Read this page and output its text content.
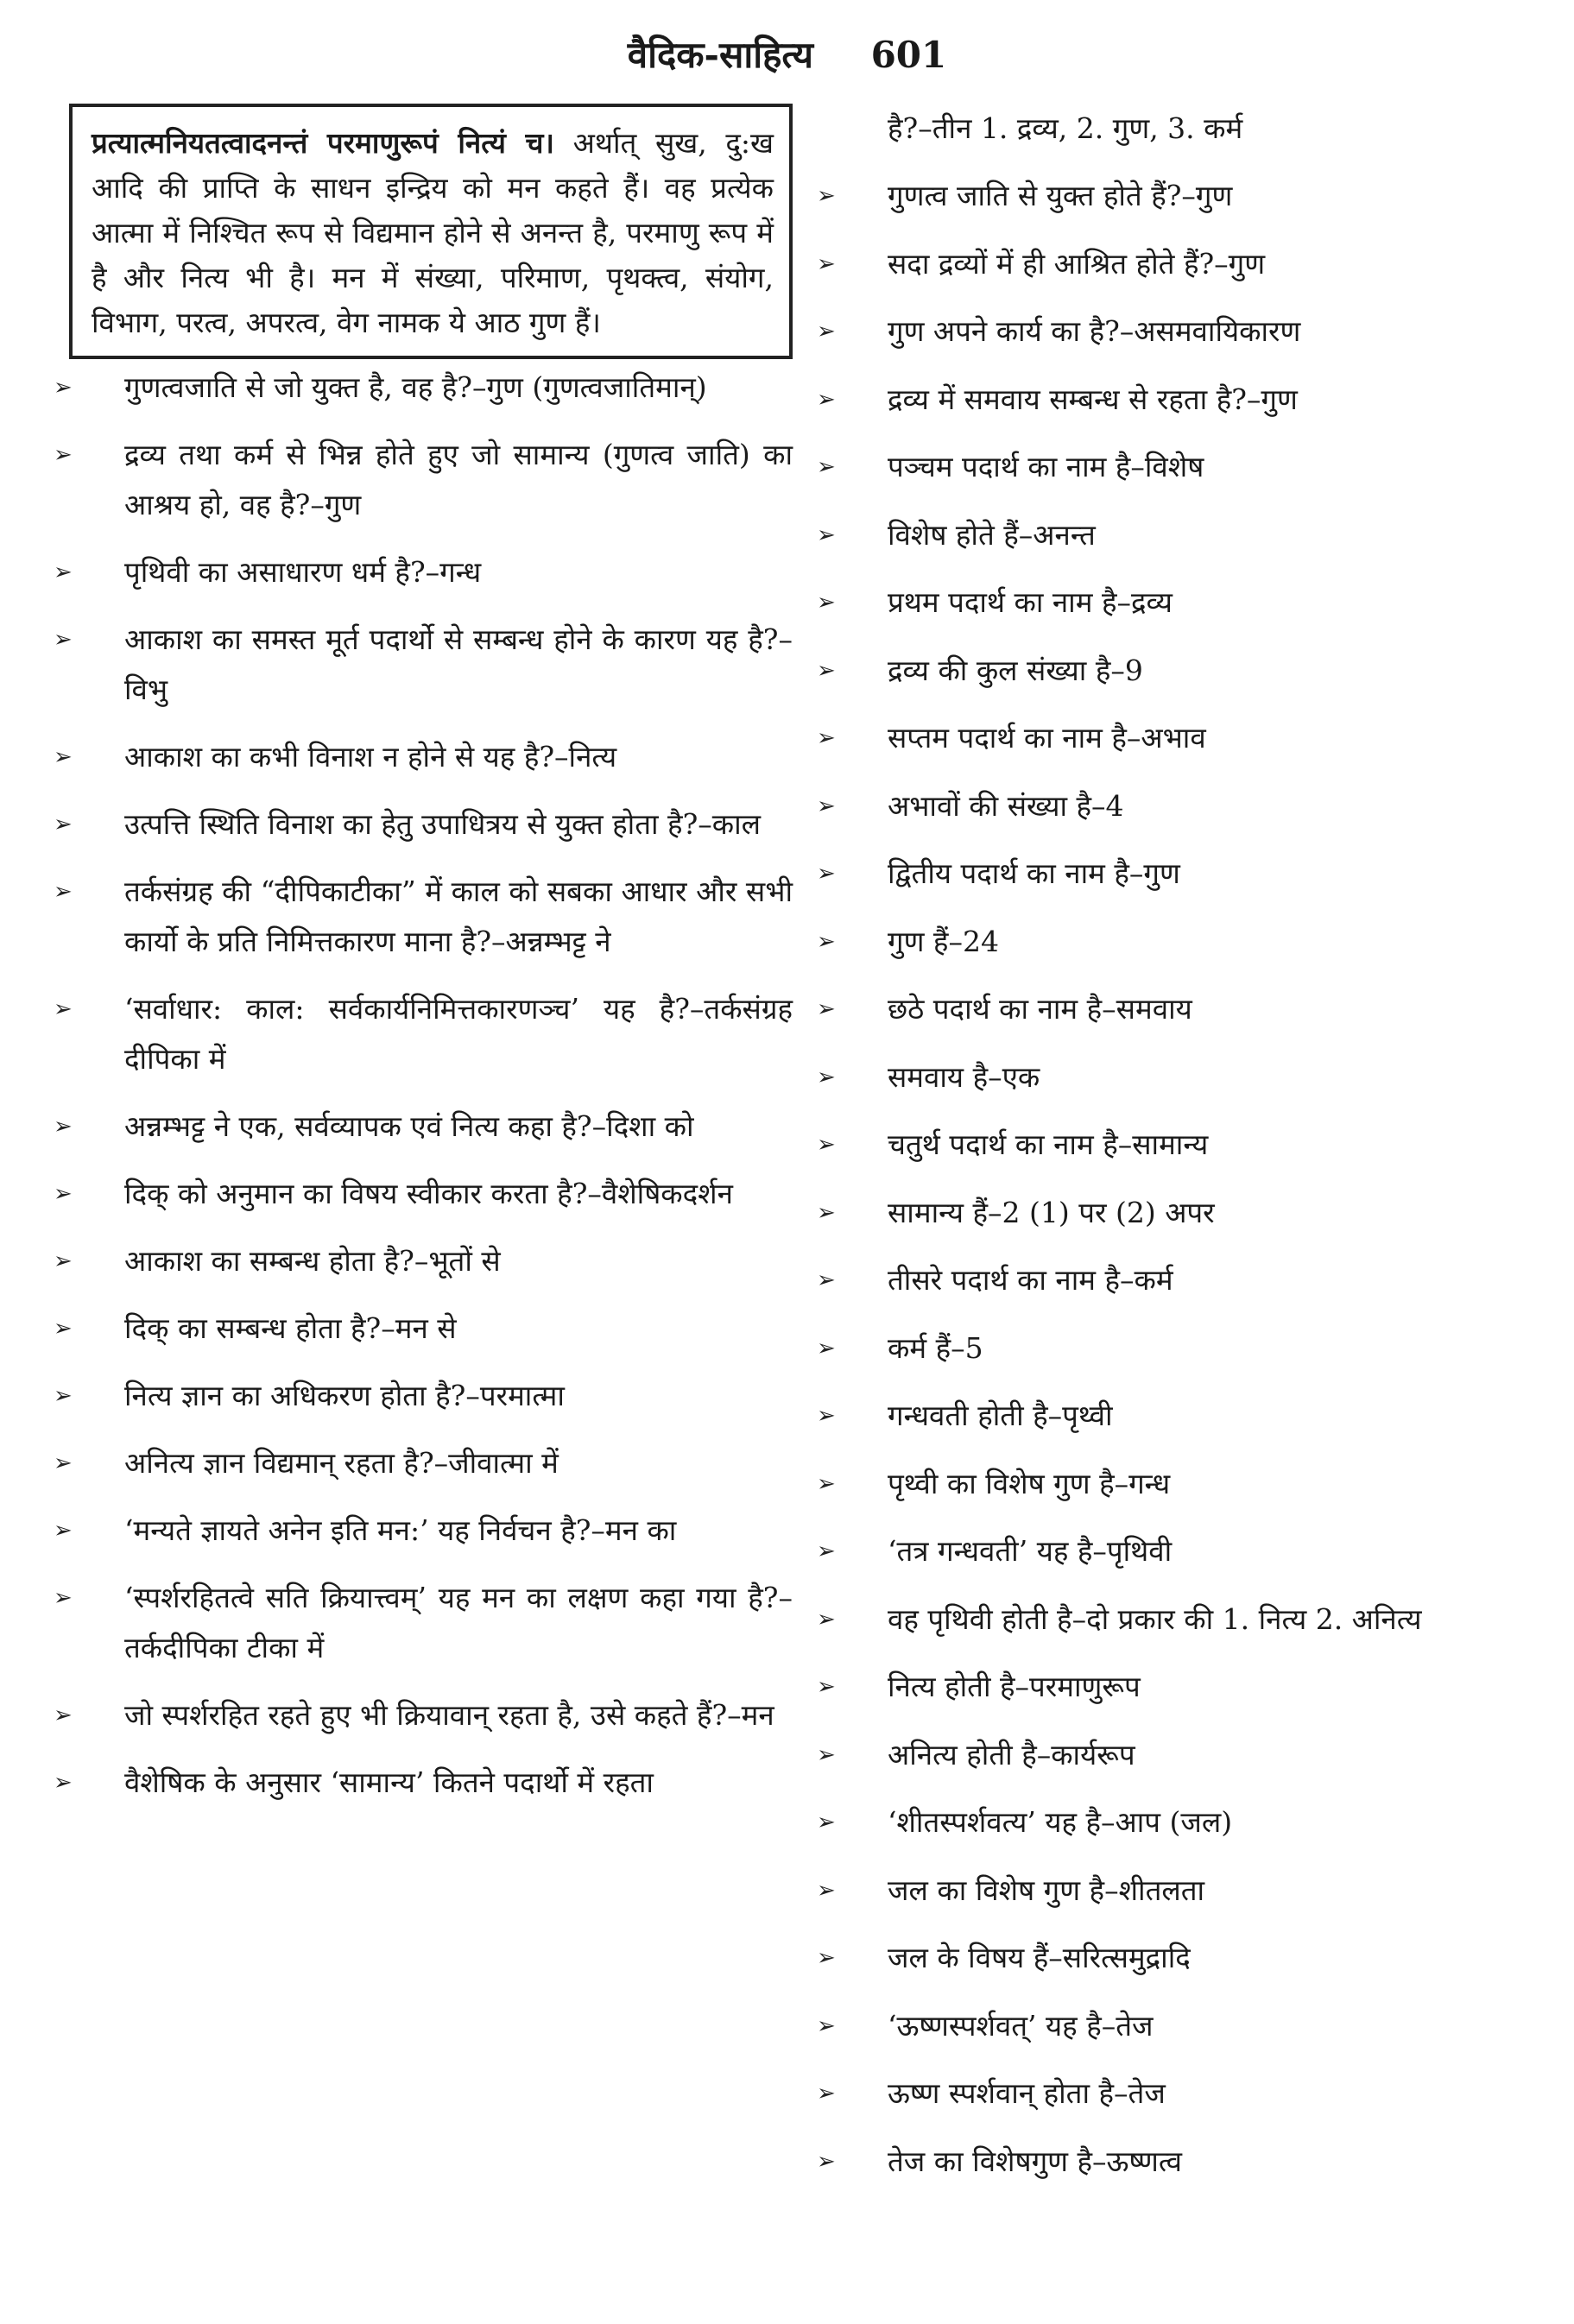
वैदिक-साहित्य 601
प्रत्यात्मनियतत्वादनन्तं परमाणुरूपं नित्यं च। अर्थात् सुख, दु:ख आदि की प्राप्ति के साधन इन्द्रिय को मन कहते हैं। वह प्रत्येक आत्मा में निश्चित रूप से विद्यमान होने से अनन्त है, परमाणु रूप में है और नित्य भी है। मन में संख्या, परिमाण, पृथक्त्व, संयोग, विभाग, परत्व, अपरत्व, वेग नामक ये आठ गुण हैं।
➢ गुणत्वजाति से जो युक्त है, वह है?–गुण (गुणत्वजातिमान्)
➢ द्रव्य तथा कर्म से भिन्न होते हुए जो सामान्य (गुणत्व जाति) का आश्रय हो, वह है?–गुण
➢ पृथिवी का असाधारण धर्म है?–गन्ध
➢ आकाश का समस्त मूर्त पदार्थो से सम्बन्ध होने के कारण यह है?–विभु
➢ आकाश का कभी विनाश न होने से यह है?–नित्य
➢ उत्पत्ति स्थिति विनाश का हेतु उपाधित्रय से युक्त होता है?–काल
➢ तर्कसंग्रह की “दीपिकाटीका” में काल को सबका आधार और सभी कार्यो के प्रति निमित्तकारण माना है?–अन्नम्भट्ट ने
➢ ‘सर्वाधार: काल: सर्वकार्यनिमित्तकारणञ्च’ यह है?–तर्कसंग्रह दीपिका में
➢ अन्नम्भट्ट ने एक, सर्वव्यापक एवं नित्य कहा है?–दिशा को
➢ दिक् को अनुमान का विषय स्वीकार करता है?–वैशेषिकदर्शन
➢ आकाश का सम्बन्ध होता है?–भूतों से
➢ दिक् का सम्बन्ध होता है?–मन से
➢ नित्य ज्ञान का अधिकरण होता है?–परमात्मा
➢ अनित्य ज्ञान विद्यमान् रहता है?–जीवात्मा में
➢ ‘मन्यते ज्ञायते अनेन इति मन:’ यह निर्वचन है?–मन का
➢ ‘स्पर्शरहितत्वे सति क्रियात्त्वम्’ यह मन का लक्षण कहा गया है?–तर्कदीपिका टीका में
➢ जो स्पर्शरहित रहते हुए भी क्रियावान् रहता है, उसे कहते हैं?–मन
➢ वैशेषिक के अनुसार ‘सामान्य’ कितने पदार्थो में रहता
है?–तीन 1. द्रव्य, 2. गुण, 3. कर्म
➢ गुणत्व जाति से युक्त होते हैं?–गुण
➢ सदा द्रव्यों में ही आश्रित होते हैं?–गुण
➢ गुण अपने कार्य का है?–असमवायिकारण
➢ द्रव्य में समवाय सम्बन्ध से रहता है?–गुण
➢ पञ्चम पदार्थ का नाम है–विशेष
➢ विशेष होते हैं–अनन्त
➢ प्रथम पदार्थ का नाम है–द्रव्य
➢ द्रव्य की कुल संख्या है–9
➢ सप्तम पदार्थ का नाम है–अभाव
➢ अभावों की संख्या है–4
➢ द्वितीय पदार्थ का नाम है–गुण
➢ गुण हैं–24
➢ छठे पदार्थ का नाम है–समवाय
➢ समवाय है–एक
➢ चतुर्थ पदार्थ का नाम है–सामान्य
➢ सामान्य हैं–2 (1) पर (2) अपर
➢ तीसरे पदार्थ का नाम है–कर्म
➢ कर्म हैं–5
➢ गन्धवती होती है–पृथ्वी
➢ पृथ्वी का विशेष गुण है–गन्ध
➢ ‘तत्र गन्धवती’ यह है–पृथिवी
➢ वह पृथिवी होती है–दो प्रकार की 1. नित्य 2. अनित्य
➢ नित्य होती है–परमाणुरूप
➢ अनित्य होती है–कार्यरूप
➢ ‘शीतस्पर्शवत्य’ यह है–आप (जल)
➢ जल का विशेष गुण है–शीतलता
➢ जल के विषय हैं–सरित्समुद्रादि
➢ ‘ऊष्णस्पर्शवत्’ यह है–तेज
➢ ऊष्ण स्पर्शवान् होता है–तेज
➢ तेज का विशेषगुण है–ऊष्णत्व
